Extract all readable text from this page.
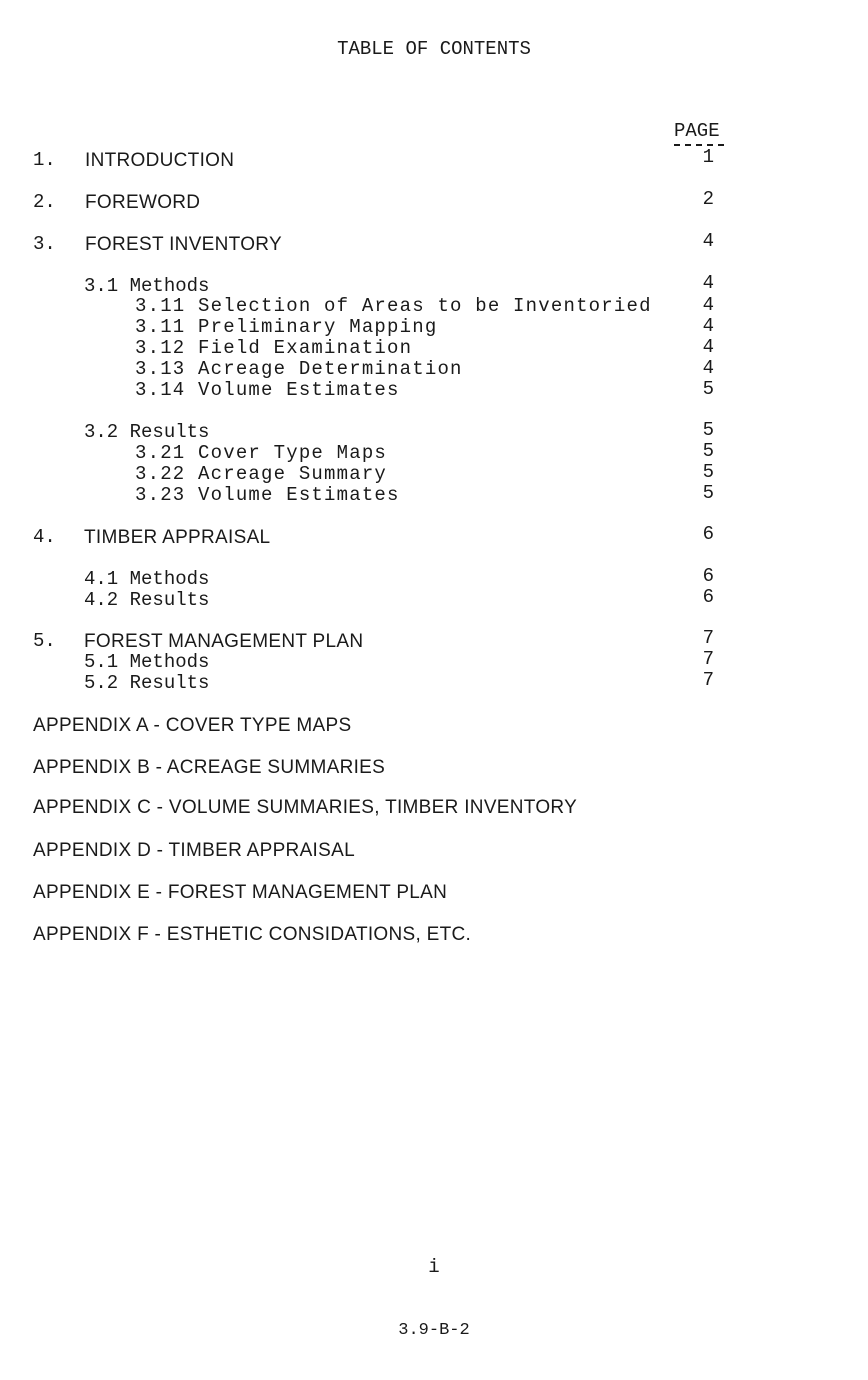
TABLE OF CONTENTS
PAGE
1. INTRODUCTION	1
2. FOREWORD	2
3. FOREST INVENTORY	4
3.1 Methods	4
3.11 Selection of Areas to be Inventoried	4
3.11 Preliminary Mapping	4
3.12 Field Examination	4
3.13 Acreage Determination	4
3.14 Volume Estimates	5
3.2 Results	5
3.21 Cover Type Maps	5
3.22 Acreage Summary	5
3.23 Volume Estimates	5
4. TIMBER APPRAISAL	6
4.1 Methods	6
4.2 Results	6
5. FOREST MANAGEMENT PLAN	7
5.1 Methods	7
5.2 Results	7
APPENDIX A - COVER TYPE MAPS
APPENDIX B - ACREAGE SUMMARIES
APPENDIX C - VOLUME SUMMARIES, TIMBER INVENTORY
APPENDIX D - TIMBER APPRAISAL
APPENDIX E - FOREST MANAGEMENT PLAN
APPENDIX F - ESTHETIC CONSIDATIONS, ETC.
i
3.9-B-2
